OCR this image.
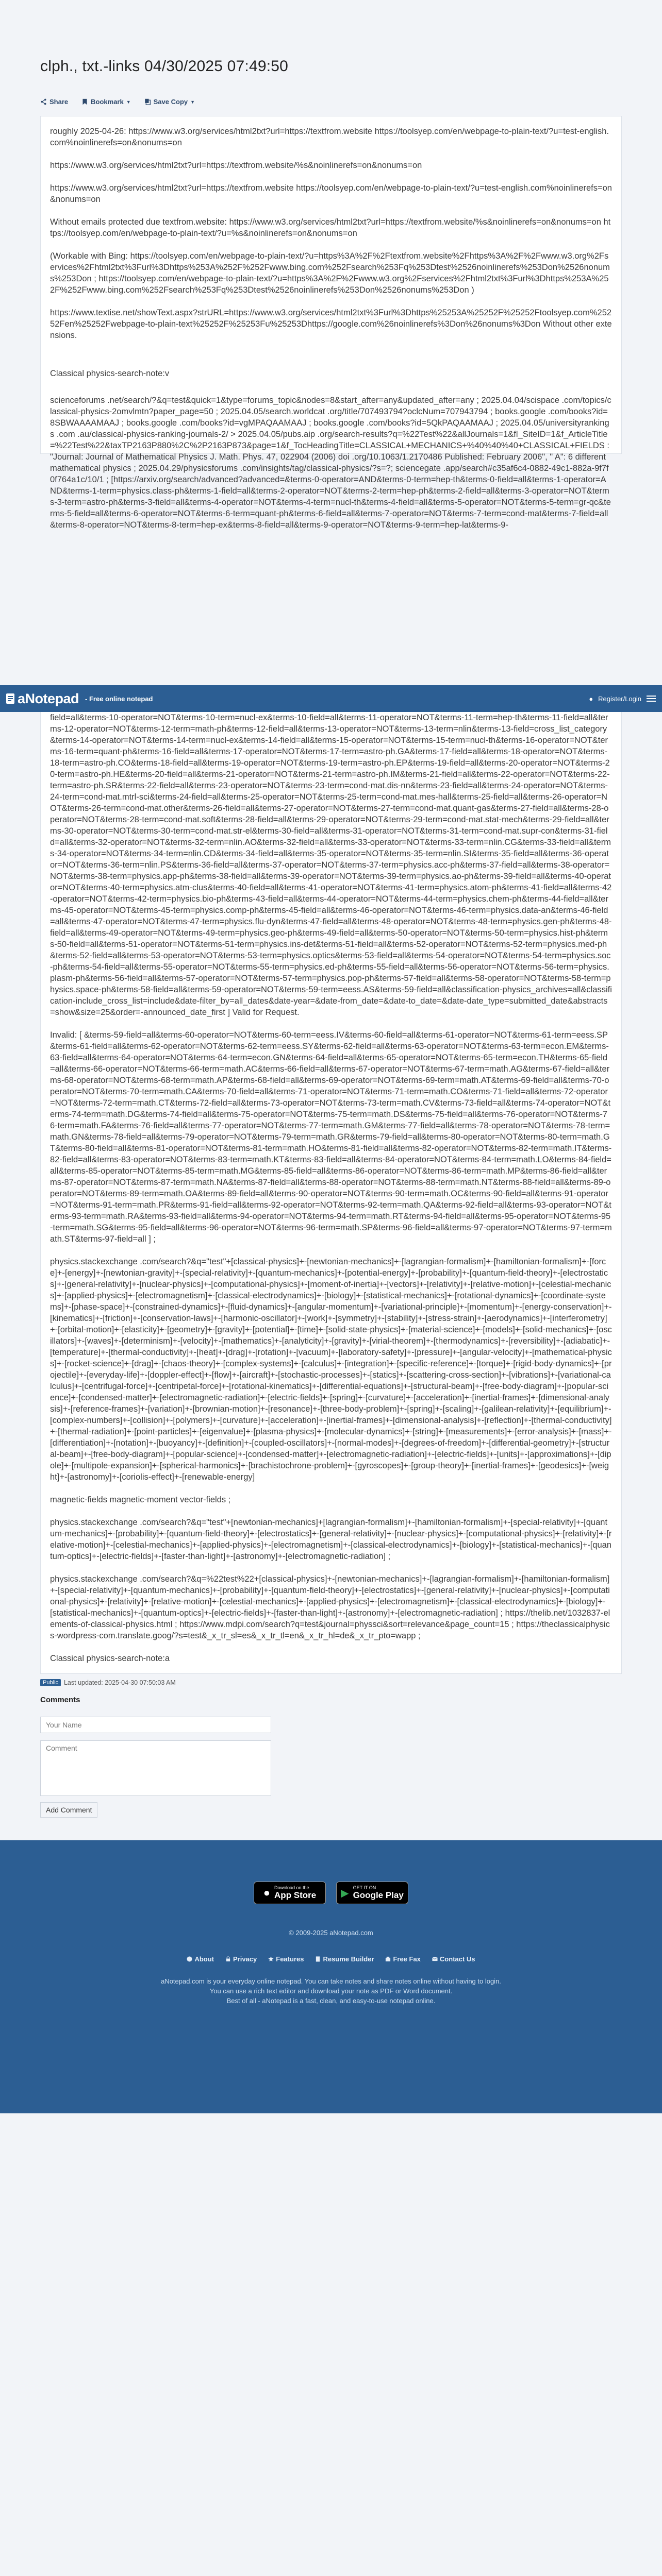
clph., txt.-links 04/30/2025 07:49:50
Share	Bookmark ▼	Save Copy ▼

roughly 2025-04-26: https://www.w3.org/services/html2txt?url=https://textfrom.website https://toolsyep.com/en/webpage-to-plain-text/?u=test-english.com%noinlinerefs=on&nonums=on

https://www.w3.org/services/html2txt?url=https://textfrom.website/%s&noinlinerefs=on&nonums=on

https://www.w3.org/services/html2txt?url=https://textfrom.website https://toolsyep.com/en/webpage-to-plain-text/?u=test-english.com%noinlinerefs=on&nonums=on

Without emails protected due textfrom.website: https://www.w3.org/services/html2txt?url=https://textfrom.website/%s&noinlinerefs=on&nonums=on https://toolsyep.com/en/webpage-to-plain-text/?u=%s&noinlinerefs=on&nonums=on

(Workable with Bing: https://toolsyep.com/en/webpage-to-plain-text/?u=https%3A%2F%2Ftextfrom.website%2Fhttps%3A%2F%2Fwww.w3.org%2Fservices%2Fhtml2txt%3Furl%3Dhttps%253A%252F%252Fwww.bing.com%252Fsearch%253Fq%253Dtest%2526noinlinerefs%253Don%2526nonums%253Don ; https://toolsyep.com/en/webpage-to-plain-text/?u=https%3A%2F%2Fwww.w3.org%2Fservices%2Fhtml2txt%3Furl%3Dhttps%253A%252F%252Fwww.bing.com%252Fsearch%253Fq%253Dtest%2526noinlinerefs%253Don%2526nonums%253Don )

https://www.textise.net/showText.aspx?strURL=https://www.w3.org/services/html2txt%3Furl%3Dhttps%25253A%25252F%25252Ftoolsyep.com%25252Fen%25252Fwebpage-to-plain-text%25252F%25253Fu%25253Dhttps://google.com%26noinlinerefs%3Don%26nonums%3Don Without other extensions.

Classical physics-search-note:v

scienceforums .net/search/?&q=test&quick=1&type=forums_topic&nodes=8&start_after=any&updated_after=any ; 2025.04.04/scispace .com/topics/classical-physics-2omvlmtn?paper_page=50 ; 2025.04.05/search.worldcat .org/title/707493794?oclcNum=707943794 ; books.google .com/books?id=8SBWAAAAMAAJ ; books.google .com/books?id=vgMPAQAAMAAJ ; books.google .com/books?id=5QkPAQAAMAAJ ; 2025.04.05/universityrankings .com .au/classical-physics-ranking-journals-2/ > 2025.04.05/pubs.aip .org/search-results?q=%22Test%22&allJournals=1&fl_SiteID=1&f_ArticleTitle=%22Test%22&taxTP2163P880%2C%2P2163P873&page=1&f_TocHeadingTitle=CLASSICAL+MECHANICS+%40%40%40+CLASSICAL+FIELDS : "Journal: Journal of Mathematical Physics J. Math. Phys. 47, 022904 (2006) doi .org/10.1063/1.2170486 Published: February 2006", " A": 6 different mathematical physics ; 2025.04.29/physicsforums .com/insights/tag/classical-physics/?s=?; sciencegate .app/search#c35af6c4-0882-49c1-882a-9f7f0f764a1c/10/1 ; [https://arxiv.org/search/advanced?advanced=&terms-0-operator=AND&terms-0-term=hep-th&terms-0-field=all&terms-1-operator=AND&terms-1-term=physics.class-ph&terms-1-field=all&terms-2-operator=NOT&terms-2-term=hep-ph&terms-2-field=all&terms-3-operator=NOT&terms-3-term=astro-ph&terms-3-field=all&terms-4-operator=NOT&terms-4-term=nucl-th&terms-4-field=all&terms-5-operator=NOT&terms-5-term=gr-qc&terms-5-field=all&terms-6-operator=NOT&terms-6-term=quant-ph&terms-6-field=all&terms-7-operator=NOT&terms-7-term=cond-mat&terms-7-field=all&terms-8-operator=NOT&terms-8-term=hep-ex&terms-8-field=all&terms-9-operator=NOT&terms-9-term=hep-lat&terms-9-

aNotepad - Free online notepad	● Register/Login

field=all&terms-10-operator=NOT&terms-10-term=nucl-ex&terms-10-field=all&terms-11-operator=NOT&terms-11-term=hep-th&terms-11-field=all&terms-12-operator=NOT&terms-12-term=math-ph&terms-12-field=all&terms-13-operator=NOT&terms-13-term=nlin&terms-13-field=cross_list_category&terms-14-operator=NOT&terms-14-term=nucl-ex&terms-14-field=all&terms-15-operator=NOT&terms-15-term=nucl-th&terms-16-operator=NOT&terms-16-term=quant-ph&terms-16-field=all&terms-17-operator=NOT&terms-17-term=astro-ph.GA&terms-17-field=all&terms-18-operator=NOT&terms-18-term=astro-ph.CO&terms-18-field=all&terms-19-operator=NOT&terms-19-term=astro-ph.EP&terms-19-field=all&terms-20-operator=NOT&terms-20-term=astro-ph.HE&terms-20-field=all&terms-21-operator=NOT&terms-21-term=astro-ph.IM&terms-21-field=all&terms-22-operator=NOT&terms-22-term=astro-ph.SR&terms-22-field=all&terms-23-operator=NOT&terms-23-term=cond-mat.dis-nn&terms-23-field=all&terms-24-operator=NOT&terms-24-term=cond-mat.mtrl-sci&terms-24-field=all&terms-25-operator=NOT&terms-25-term=cond-mat.mes-hall&terms-25-field=all&terms-26-operator=NOT&terms-26-term=cond-mat.other&terms-26-field=all&terms-27-operator=NOT&terms-27-term=cond-mat.quant-gas&terms-27-field=all&terms-28-operator=NOT&terms-28-term=cond-mat.soft&terms-28-field=all&terms-29-operator=NOT&terms-29-term=cond-mat.stat-mech&terms-29-field=all&terms-30-operator=NOT&terms-30-term=cond-mat.str-el&terms-30-field=all&terms-31-operator=NOT&terms-31-term=cond-mat.supr-con&terms-31-field=all&terms-32-operator=NOT&terms-32-term=nlin.AO&terms-32-field=all&terms-33-operator=NOT&terms-33-term=nlin.CG&terms-33-field=all&terms-34-operator=NOT&terms-34-term=nlin.CD&terms-34-field=all&terms-35-operator=NOT&terms-35-term=nlin.SI&terms-35-field=all&terms-36-operator=NOT&terms-36-term=nlin.PS&terms-36-field=all&terms-37-operator=NOT&terms-37-term=physics.acc-ph&terms-37-field=all&terms-38-operator=NOT&terms-38-term=physics.app-ph&terms-38-field=all&terms-39-operator=NOT&terms-39-term=physics.ao-ph&terms-39-field=all&terms-40-operator=NOT&terms-40-term=physics.atm-clus&terms-40-field=all&terms-41-operator=NOT&terms-41-term=physics.atom-ph&terms-41-field=all&terms-42-operator=NOT&terms-42-term=physics.bio-ph&terms-43-field=all&terms-44-operator=NOT&terms-44-term=physics.chem-ph&terms-44-field=all&terms-45-operator=NOT&terms-45-term=physics.comp-ph&terms-45-field=all&terms-46-operator=NOT&terms-46-term=physics.data-an&terms-46-field=all&terms-47-operator=NOT&terms-47-term=physics.flu-dyn&terms-47-field=all&terms-48-operator=NOT&terms-48-term=physics.gen-ph&terms-48-field=all&terms-49-operator=NOT&terms-49-term=physics.geo-ph&terms-49-field=all&terms-50-operator=NOT&terms-50-term=physics.hist-ph&terms-50-field=all&terms-51-operator=NOT&terms-51-term=physics.ins-det&terms-51-field=all&terms-52-operator=NOT&terms-52-term=physics.med-ph&terms-52-field=all&terms-53-operator=NOT&terms-53-term=physics.optics&terms-53-field=all&terms-54-operator=NOT&terms-54-term=physics.soc-ph&terms-54-field=all&terms-55-operator=NOT&terms-55-term=physics.ed-ph&terms-55-field=all&terms-56-operator=NOT&terms-56-term=physics.plasm-ph&terms-56-field=all&terms-57-operator=NOT&terms-57-term=physics.pop-ph&terms-57-field=all&terms-58-operator=NOT&terms-58-term=physics.space-ph&terms-58-field=all&terms-59-operator=NOT&terms-59-term=eess.AS&terms-59-field=all&classification-physics_archives=all&classification-include_cross_list=include&date-filter_by=all_dates&date-year=&date-from_date=&date-to_date=&date-date_type=submitted_date&abstracts=show&size=25&order=-announced_date_first ] Valid for Request.

Invalid: [ &terms-59-field=all&terms-60-operator=NOT&terms-60-term=eess.IV&terms-60-field=all&terms-61-operator=NOT&terms-61-term=eess.SP&terms-61-field=all&terms-62-operator=NOT&terms-62-term=eess.SY&terms-62-field=all&terms-63-operator=NOT&terms-63-term=econ.EM&terms-63-field=all&terms-64-operator=NOT&terms-64-term=econ.GN&terms-64-field=all&terms-65-operator=NOT&terms-65-term=econ.TH&terms-65-field=all&terms-66-operator=NOT&terms-66-term=math.AC&terms-66-field=all&terms-67-operator=NOT&terms-67-term=math.AG&terms-67-field=all&terms-68-operator=NOT&terms-68-term=math.AP&terms-68-field=all&terms-69-operator=NOT&terms-69-term=math.AT&terms-69-field=all&terms-70-operator=NOT&terms-70-term=math.CA&terms-70-field=all&terms-71-operator=NOT&terms-71-term=math.CO&terms-71-field=all&terms-72-operator=NOT&terms-72-term=math.CT&terms-72-field=all&terms-73-operator=NOT&terms-73-term=math.CV&terms-73-field=all&terms-74-operator=NOT&terms-74-term=math.DG&terms-74-field=all&terms-75-operator=NOT&terms-75-term=math.DS&terms-75-field=all&terms-76-operator=NOT&terms-76-term=math.FA&terms-76-field=all&terms-77-operator=NOT&terms-77-term=math.GM&terms-77-field=all&terms-78-operator=NOT&terms-78-term=math.GN&terms-78-field=all&terms-79-operator=NOT&terms-79-term=math.GR&terms-79-field=all&terms-80-operator=NOT&terms-80-term=math.GT&terms-80-field=all&terms-81-operator=NOT&terms-81-term=math.HO&terms-81-field=all&terms-82-operator=NOT&terms-82-term=math.IT&terms-82-field=all&terms-83-operator=NOT&terms-83-term=math.KT&terms-83-field=all&terms-84-operator=NOT&terms-84-term=math.LO&terms-84-field=all&terms-85-operator=NOT&terms-85-term=math.MG&terms-85-field=all&terms-86-operator=NOT&terms-86-term=math.MP&terms-86-field=all&terms-87-operator=NOT&terms-87-term=math.NA&terms-87-field=all&terms-88-operator=NOT&terms-88-term=math.NT&terms-88-field=all&terms-89-operator=NOT&terms-89-term=math.OA&terms-89-field=all&terms-90-operator=NOT&terms-90-term=math.OC&terms-90-field=all&terms-91-operator=NOT&terms-91-term=math.PR&terms-91-field=all&terms-92-operator=NOT&terms-92-term=math.QA&terms-92-field=all&terms-93-operator=NOT&terms-93-term=math.RA&terms-93-field=all&terms-94-operator=NOT&terms-94-term=math.RT&terms-94-field=all&terms-95-operator=NOT&terms-95-term=math.SG&terms-95-field=all&terms-96-operator=NOT&terms-96-term=math.SP&terms-96-field=all&terms-97-operator=NOT&terms-97-term=math.ST&terms-97-field=all ] ;

physics.stackexchange .com/search?&q="test"+[classical-physics]+-[newtonian-mechanics]+-[lagrangian-formalism]+-[hamiltonian-formalism]+-[force]+-[energy]+-[newtonian-gravity]+-[special-relativity]+-[quantum-mechanics]+-[potential-energy]+-[probability]+-[quantum-field-theory]+-[electrostatics]+-[general-relativity]+-[nuclear-physics]+-[computational-physics]+-[moment-of-inertia]+-[vectors]+-[relativity]+-[relative-motion]+-[celestial-mechanics]+-[applied-physics]+-[electromagnetism]+-[classical-electrodynamics]+-[biology]+-[statistical-mechanics]+-[rotational-dynamics]+-[coordinate-systems]+-[phase-space]+-[constrained-dynamics]+-[fluid-dynamics]+-[angular-momentum]+-[variational-principle]+-[momentum]+-[energy-conservation]+-[kinematics]+-[friction]+-[conservation-laws]+-[harmonic-oscillator]+-[work]+-[symmetry]+-[stability]+-[stress-strain]+-[aerodynamics]+-[interferometry]+-[orbital-motion]+-[elasticity]+-[geometry]+-[gravity]+-[potential]+-[time]+-[solid-state-physics]+-[material-science]+-[models]+-[solid-mechanics]+-[oscillators]+-[waves]+-[determinism]+-[velocity]+-[mathematics]+-[analyticity]+-[gravity]+-[virial-theorem]+-[thermodynamics]+-[reversibility]+-[adiabatic]+-[temperature]+-[thermal-conductivity]+-[heat]+-[drag]+-[rotation]+-[vacuum]+-[laboratory-safety]+-[pressure]+-[angular-velocity]+-[mathematical-physics]+-[rocket-science]+-[drag]+-[chaos-theory]+-[complex-systems]+-[calculus]+-[integration]+-[specific-reference]+-[torque]+-[rigid-body-dynamics]+-[projectile]+-[everyday-life]+-[doppler-effect]+-[flow]+-[aircraft]+-[stochastic-processes]+-[statics]+-[scattering-cross-section]+-[vibrations]+-[variational-calculus]+-[centrifugal-force]+-[centripetal-force]+-[rotational-kinematics]+-[differential-equations]+-[structural-beam]+-[free-body-diagram]+-[popular-science]+-[condensed-matter]+-[electromagnetic-radiation]+-[electric-fields]+-[spring]+-[curvature]+-[acceleration]+-[inertial-frames]+-[dimensional-analysis]+-[reference-frames]+-[variation]+-[brownian-motion]+-[resonance]+-[three-body-problem]+-[spring]+-[scaling]+-[galilean-relativity]+-[equilibrium]+-[complex-numbers]+-[collision]+-[polymers]+-[curvature]+-[acceleration]+-[inertial-frames]+-[dimensional-analysis]+-[reflection]+-[thermal-conductivity]+-[thermal-radiation]+-[point-particles]+-[eigenvalue]+-[plasma-physics]+-[molecular-dynamics]+-[string]+-[measurements]+-[error-analysis]+-[mass]+-[differentiation]+-[notation]+-[buoyancy]+-[definition]+-[coupled-oscillators]+-[normal-modes]+-[degrees-of-freedom]+-[differential-geometry]+-[structural-beam]+-[free-body-diagram]+-[popular-science]+-[condensed-matter]+-[electromagnetic-radiation]+-[electric-fields]+-[units]+-[approximations]+-[dipole]+-[multipole-expansion]+-[spherical-harmonics]+-[brachistochrone-problem]+-[gyroscopes]+-[group-theory]+-[inertial-frames]+-[geodesics]+-[weight]+-[astronomy]+-[coriolis-effect]+-[renewable-energy]

magnetic-fields magnetic-moment vector-fields ;

physics.stackexchange .com/search?&q="test"+[newtonian-mechanics]+[lagrangian-formalism]+-[hamiltonian-formalism]+-[special-relativity]+-[quantum-mechanics]+-[probability]+-[quantum-field-theory]+-[electrostatics]+-[general-relativity]+-[nuclear-physics]+-[computational-physics]+-[relativity]+-[relative-motion]+-[celestial-mechanics]+-[applied-physics]+-[electromagnetism]+-[classical-electrodynamics]+-[biology]+-[statistical-mechanics]+-[quantum-optics]+-[electric-fields]+-[faster-than-light]+-[astronomy]+-[electromagnetic-radiation] ;

physics.stackexchange .com/search?&q=%22test%22+[classical-physics]+-[newtonian-mechanics]+-[lagrangian-formalism]+-[hamiltonian-formalism]+-[special-relativity]+-[quantum-mechanics]+-[probability]+-[quantum-field-theory]+-[electrostatics]+-[general-relativity]+-[nuclear-physics]+-[computational-physics]+-[relativity]+-[relative-motion]+-[celestial-mechanics]+-[applied-physics]+-[electromagnetism]+-[classical-electrodynamics]+-[biology]+-[statistical-mechanics]+-[quantum-optics]+-[electric-fields]+-[faster-than-light]+-[astronomy]+-[electromagnetic-radiation] ; https://thelib.net/1032837-elements-of-classical-physics.html ; https://www.mdpi.com/search?q=test&journal=physsci&sort=relevance&page_count=15 ; https://theclassicalphysics-wordpress-com.translate.goog/?s=test&_x_tr_sl=es&_x_tr_tl=en&_x_tr_hl=de&_x_tr_pto=wapp ;

Classical physics-search-note:a

Public Last updated: 2025-04-30 07:50:03 AM
Comments
Your Name
Comment Add Comment
● Download on the
App Store ▶ GET IT ON
Google Play
© 2009-2025 aNotepad.com
About	Privacy	Features	Resume Builder	Free Fax	Contact Us
aNotepad.com is your everyday online notepad. You can take notes and share notes online without having to login.
You can use a rich text editor and download your note as PDF or Word document.
Best of all - aNotepad is a fast, clean, and easy-to-use notepad online.
